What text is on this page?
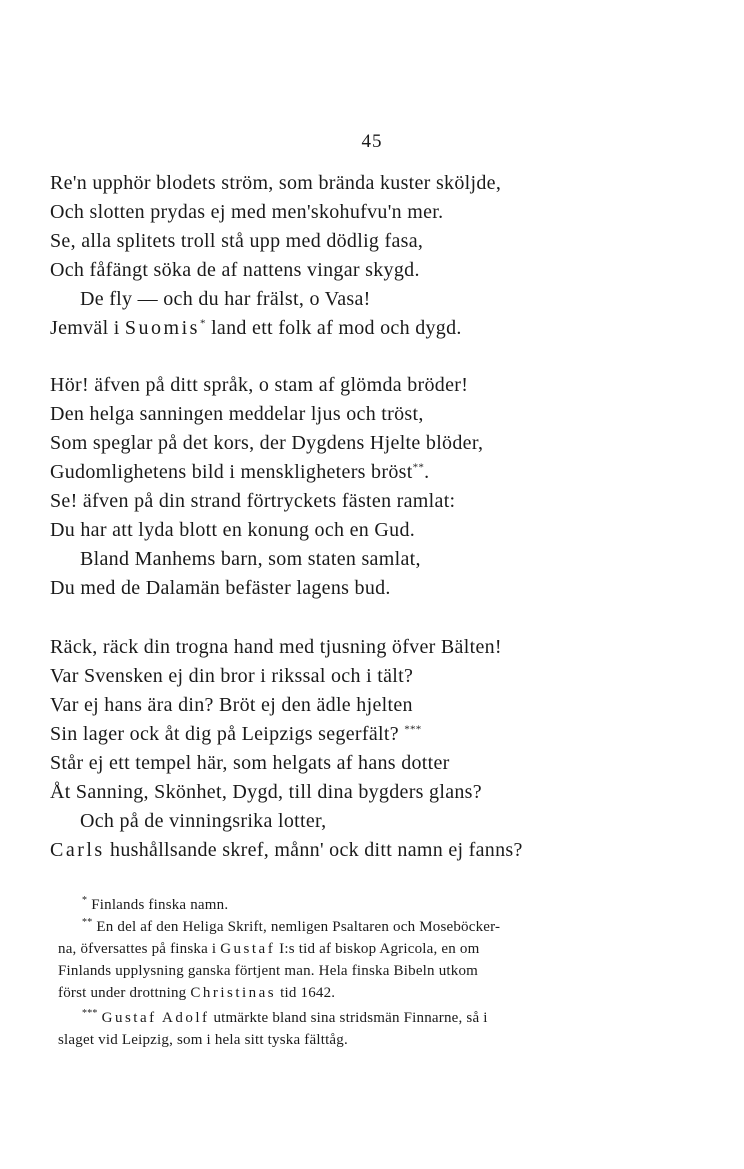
45
Re'n upphör blodets ström, som brända kuster sköljde,
Och slotten prydas ej med men'skohufvu'n mer.
Se, alla splitets troll stå upp med dödlig fasa,
Och fåfängt söka de af nattens vingar skygd.
De fly — och du har frälst, o Vasa!
Jemväl i Suomis* land ett folk af mod och dygd.
Hör! äfven på ditt språk, o stam af glömda bröder!
Den helga sanningen meddelar ljus och tröst,
Som speglar på det kors, der Dygdens Hjelte blöder,
Gudomlighetens bild i menskligheters bröst**.
Se! äfven på din strand förtryckets fästen ramlat:
Du har att lyda blott en konung och en Gud.
Bland Manhems barn, som staten samlat,
Du med de Dalamän befäster lagens bud.
Räck, räck din trogna hand med tjusning öfver Bälten!
Var Svensken ej din bror i rikssal och i tält?
Var ej hans ära din? Bröt ej den ädle hjelten
Sin lager ock åt dig på Leipzigs segerfält? ***
Står ej ett tempel här, som helgats af hans dotter
Åt Sanning, Skönhet, Dygd, till dina bygders glans?
Och på de vinningsrika lotter,
Carls hushållsande skref, månn' ock ditt namn ej fanns?
* Finlands finska namn.
** En del af den Heliga Skrift, nemligen Psaltaren och Moseböcker-
na, öfversattes på finska i Gustaf I:s tid af biskop Agricola, en om
Finlands upplysning ganska förtjent man. Hela finska Bibeln utkom
först under drottning Christinas tid 1642.
*** Gustaf Adolf utmärkte bland sina stridsmän Finnarne, så i
slaget vid Leipzig, som i hela sitt tyska fälttåg.
